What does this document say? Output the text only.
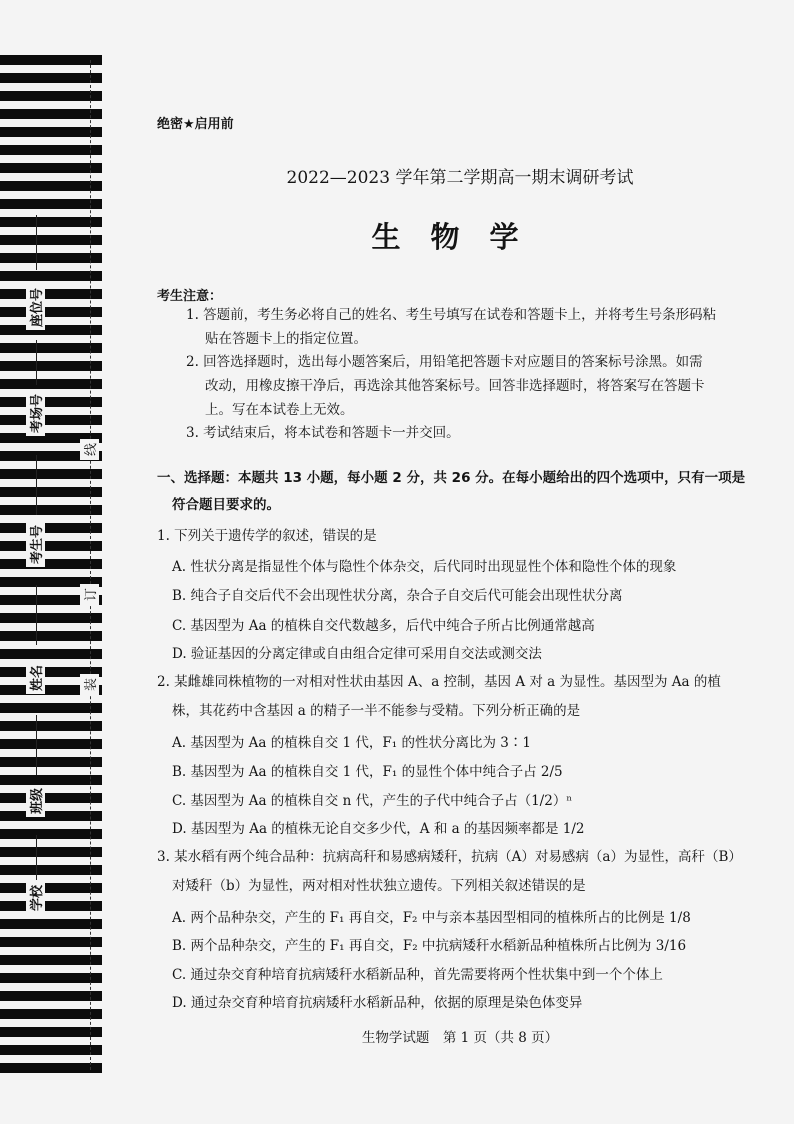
座位号
考场号
考生号
姓名
班级
学校
线
订
装
绝密★启用前
2022—2023 学年第二学期高一期末调研考试
生物学
考生注意：
1. 答题前，考生务必将自己的姓名、考生号填写在试卷和答题卡上，并将考生号条形码粘
贴在答题卡上的指定位置。
2. 回答选择题时，选出每小题答案后，用铅笔把答题卡对应题目的答案标号涂黑。如需
改动，用橡皮擦干净后，再选涂其他答案标号。回答非选择题时，将答案写在答题卡
上。写在本试卷上无效。
3. 考试结束后，将本试卷和答题卡一并交回。
一、选择题：本题共 13 小题，每小题 2 分，共 26 分。在每小题给出的四个选项中，只有一项是
符合题目要求的。
1. 下列关于遗传学的叙述，错误的是
A. 性状分离是指显性个体与隐性个体杂交，后代同时出现显性个体和隐性个体的现象
B. 纯合子自交后代不会出现性状分离，杂合子自交后代可能会出现性状分离
C. 基因型为 Aa 的植株自交代数越多，后代中纯合子所占比例通常越高
D. 验证基因的分离定律或自由组合定律可采用自交法或测交法
2. 某雌雄同株植物的一对相对性状由基因 A、a 控制，基因 A 对 a 为显性。基因型为 Aa 的植
株，其花药中含基因 a 的精子一半不能参与受精。下列分析正确的是
A. 基因型为 Aa 的植株自交 1 代，F₁ 的性状分离比为 3∶1
B. 基因型为 Aa 的植株自交 1 代，F₁ 的显性个体中纯合子占 2/5
C. 基因型为 Aa 的植株自交 n 代，产生的子代中纯合子占（1/2）ⁿ
D. 基因型为 Aa 的植株无论自交多少代，A 和 a 的基因频率都是 1/2
3. 某水稻有两个纯合品种：抗病高秆和易感病矮秆，抗病（A）对易感病（a）为显性，高秆（B）
对矮秆（b）为显性，两对相对性状独立遗传。下列相关叙述错误的是
A. 两个品种杂交，产生的 F₁ 再自交，F₂ 中与亲本基因型相同的植株所占的比例是 1/8
B. 两个品种杂交，产生的 F₁ 再自交，F₂ 中抗病矮秆水稻新品种植株所占比例为 3/16
C. 通过杂交育种培育抗病矮秆水稻新品种，首先需要将两个性状集中到一个个体上
D. 通过杂交育种培育抗病矮秆水稻新品种，依据的原理是染色体变异
生物学试题　第 1 页（共 8 页）
